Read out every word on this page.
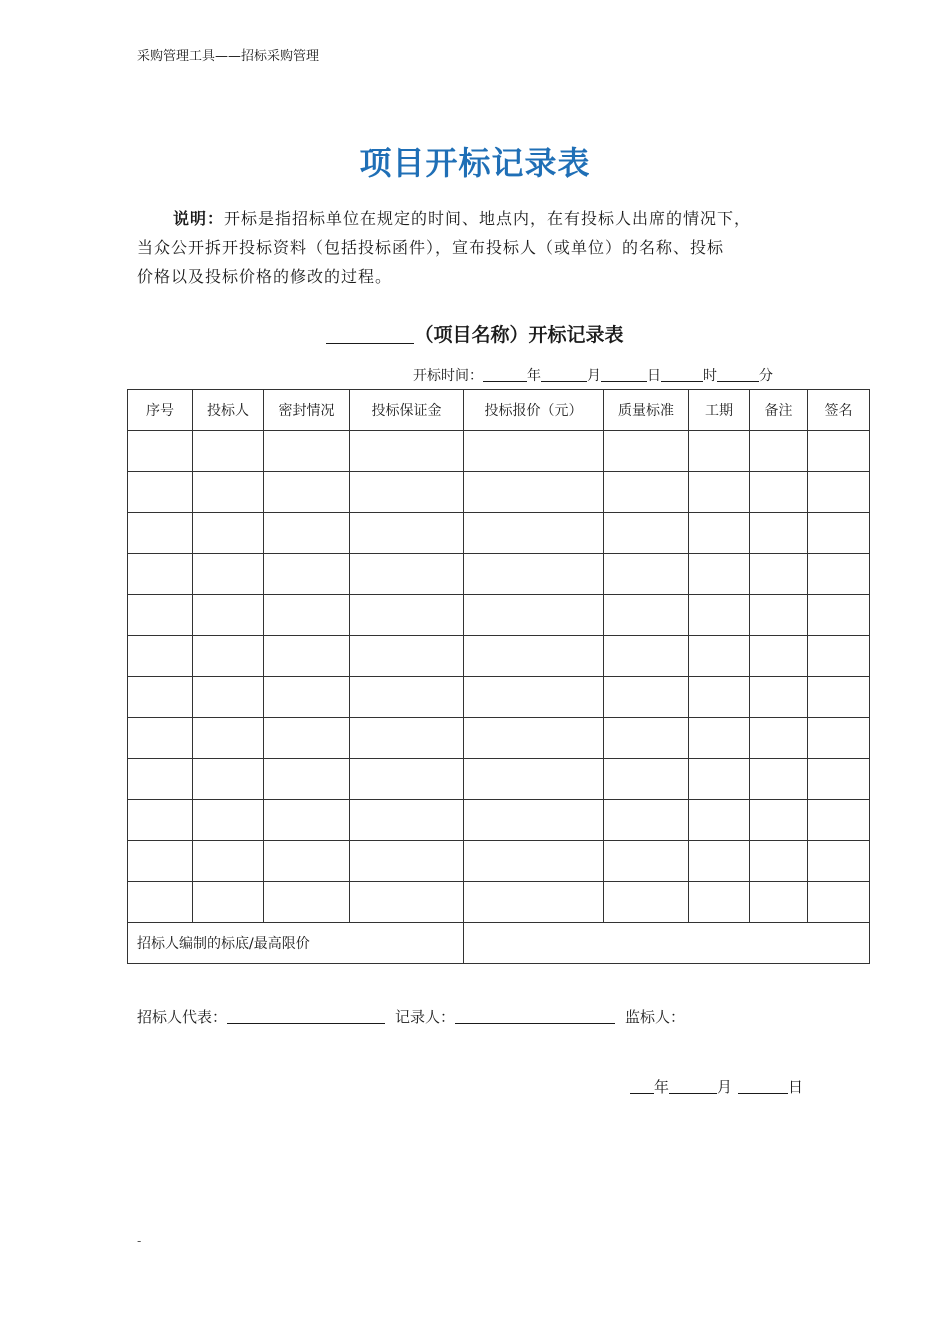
采购管理工具——招标采购管理
项目开标记录表
说明：开标是指招标单位在规定的时间、地点内，在有投标人出席的情况下，
当众公开拆开投标资料（包括投标函件），宣布投标人（或单位）的名称、投标
价格以及投标价格的修改的过程。
（项目名称）开标记录表
开标时间：	年	月	日	时	分
序号	投标人	密封情况	投标保证金	投标报价（元）	质量标准	工期	备注	签名

招标人编制的标底/最高限价								
招标人代表：	记录人：	监标人：
年	月	日
-
